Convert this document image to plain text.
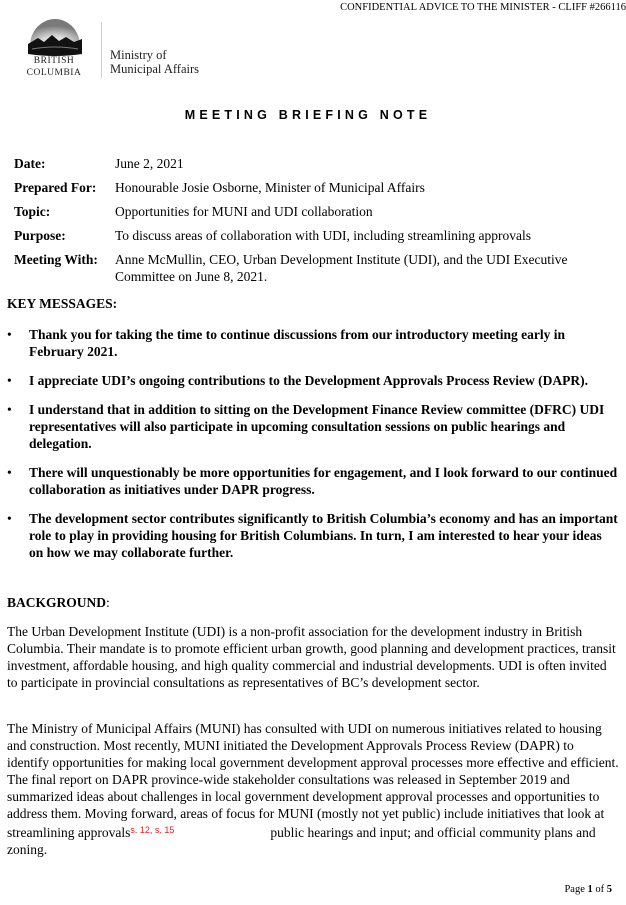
CONFIDENTIAL ADVICE TO THE MINISTER - CLIFF #266116
BRITISH
COLUMBIA
Ministry of
Municipal Affairs
MEETING BRIEFING NOTE
Date:	June 2, 2021
Prepared For:	Honourable Josie Osborne, Minister of Municipal Affairs
Topic:	Opportunities for MUNI and UDI collaboration
Purpose:	To discuss areas of collaboration with UDI, including streamlining approvals
Meeting With:	Anne McMullin, CEO, Urban Development Institute (UDI), and the UDI Executive Committee on June 8, 2021.
KEY MESSAGES:
• Thank you for taking the time to continue discussions from our introductory meeting early in February 2021.
• I appreciate UDI’s ongoing contributions to the Development Approvals Process Review (DAPR).
• I understand that in addition to sitting on the Development Finance Review committee (DFRC) UDI representatives will also participate in upcoming consultation sessions on public hearings and delegation.
• There will unquestionably be more opportunities for engagement, and I look forward to our continued collaboration as initiatives under DAPR progress.
• The development sector contributes significantly to British Columbia’s economy and has an important role to play in providing housing for British Columbians. In turn, I am interested to hear your ideas on how we may collaborate further.
BACKGROUND:

The Urban Development Institute (UDI) is a non-profit association for the development industry in British Columbia. Their mandate is to promote efficient urban growth, good planning and development practices, transit investment, affordable housing, and high quality commercial and industrial developments. UDI is often invited to participate in provincial consultations as representatives of BC’s development sector.

The Ministry of Municipal Affairs (MUNI) has consulted with UDI on numerous initiatives related to housing and construction. Most recently, MUNI initiated the Development Approvals Process Review (DAPR) to identify opportunities for making local government development approval processes more effective and efficient. The final report on DAPR province-wide stakeholder consultations was released in September 2019 and summarized ideas about challenges in local government development approval processes and opportunities to address them. Moving forward, areas of focus for MUNI (mostly not yet public) include initiatives that look at streamlining approvals$^{s. 12, s. 15}$	public hearings and input; and official community plans and zoning.

Page 1 of 5
